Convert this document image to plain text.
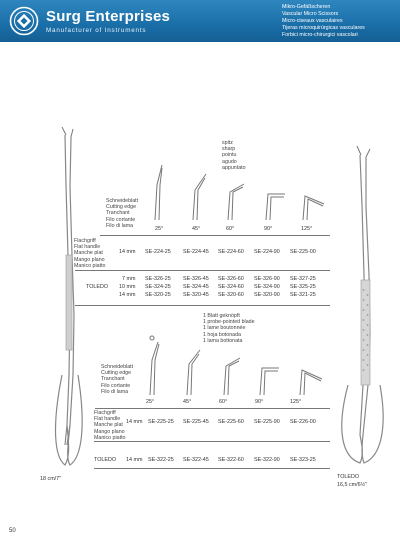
Surg Enterprises
Manufacturer of Instruments
Mikro-Gefäßscheren
Vascular Micro Scissors
Micro-ciseaux vasculaires
Tijeras microquirúrgicas vasculares
Forbici micro-chirurgici vascolari
spitz
sharp
pointu
agudo
appuntato
Schneideblatt
Cutting edge
Tranchant
Filo cortante
Filo di lama
25°	45°	60°	90°	125°
Flachgriff
Flat handle
Manche plat
Mango plano
Manico piatto
14 mm SE-224-25 SE-224-45 SE-224-60 SE-224-90 SE-225-00
TOLEDO
7 mm SE-326-25 SE-326-45 SE-326-60 SE-326-90 SE-327-25
10 mm SE-324-25 SE-324-45 SE-324-60 SE-324-90 SE-325-25
14 mm SE-320-25 SE-320-45 SE-320-60 SE-320-90 SE-321-25
1 Blatt geknöpft
1 probe-pointed blade
1 lame boutonnée
1 hoja botonada
1 lama bottonata
Schneideblatt
Cutting edge
Tranchant
Filo cortante
Filo di lama
25°	45°	60°	90°	125°
Flachgriff
Flat handle
Manche plat
Mango plano
Manico piatto
14 mm SE-225-25 SE-225-45 SE-225-60 SE-225-90 SE-226-00
TOLEDO 14 mm SE-322-25 SE-322-45 SE-322-60 SE-322-90 SE-323-25
18 cm/7"	TOLEDO
16,5 cm/6½"
50
